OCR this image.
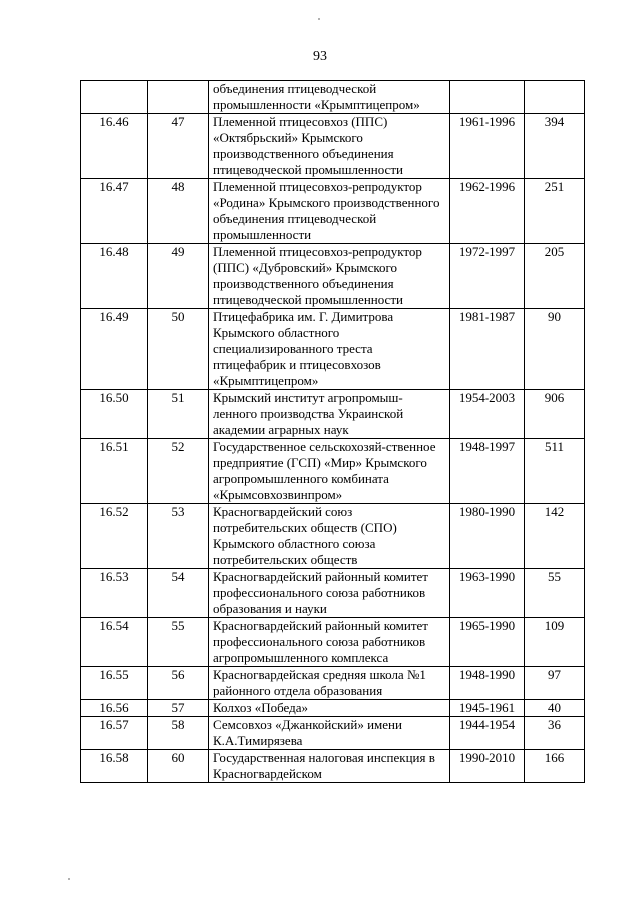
93
		объединения птицеводческой промышленности «Крымптицепром»		
16.46	47	Племенной птицесовхоз (ППС) «Октябрьский» Крымского производственного объединения птицеводческой промышленности	1961-1996	394
16.47	48	Племенной птицесовхоз-репродуктор «Родина» Крымского производственного объединения птицеводческой промышленности	1962-1996	251
16.48	49	Племенной птицесовхоз-репродуктор (ППС) «Дубровский» Крымского производственного объединения птицеводческой промышленности	1972-1997	205
16.49	50	Птицефабрика им. Г. Димитрова Крымского областного специализированного треста птицефабрик и птицесовхозов «Крымптицепром»	1981-1987	90
16.50	51	Крымский институт агропромыш-ленного производства Украинской академии аграрных наук	1954-2003	906
16.51	52	Государственное сельскохозяй-ственное предприятие (ГСП) «Мир» Крымского агропромышленного комбината «Крымсовхозвинпром»	1948-1997	511
16.52	53	Красногвардейский союз потребительских обществ (СПО) Крымского областного союза потребительских обществ	1980-1990	142
16.53	54	Красногвардейский районный комитет профессионального союза работников образования и науки	1963-1990	55
16.54	55	Красногвардейский районный комитет профессионального союза работников агропромышленного комплекса	1965-1990	109
16.55	56	Красногвардейская средняя школа №1 районного отдела образования	1948-1990	97
16.56	57	Колхоз «Победа»	1945-1961	40
16.57	58	Семсовхоз «Джанкойский» имени К.А.Тимирязева	1944-1954	36
16.58	60	Государственная налоговая инспекция в Красногвардейском	1990-2010	166
